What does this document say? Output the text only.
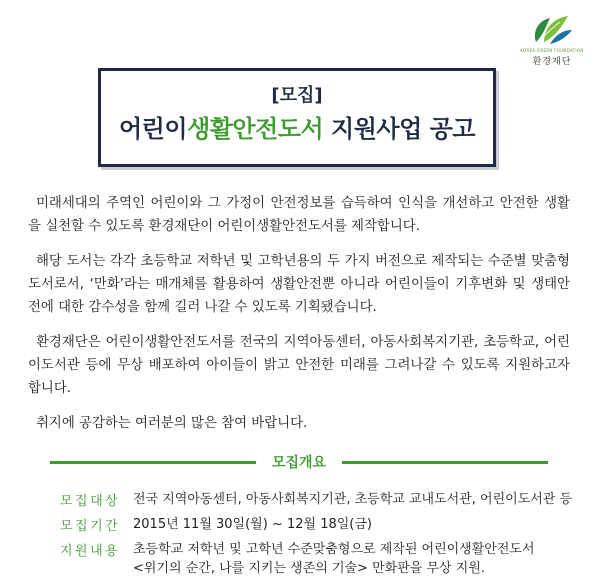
KOREA GREEN FOUNDATION
환경재단
[모집]
어린이생활안전도서 지원사업 공고

미래세대의 주역인 어린이와 그 가정이 안전정보를 습득하여 인식을 개선하고 안전한 생활을 실천할 수 있도록 환경재단이 어린이생활안전도서를 제작합니다.

해당 도서는 각각 초등학교 저학년 및 고학년용의 두 가지 버전으로 제작되는 수준별 맞춤형 도서로서, ‘만화’라는 매개체를 활용하여 생활안전뿐 아니라 어린이들이 기후변화 및 생태안전에 대한 감수성을 함께 길러 나갈 수 있도록 기획됐습니다.

환경재단은 어린이생활안전도서를 전국의 지역아동센터, 아동사회복지기관, 초등학교, 어린이도서관 등에 무상 배포하여 아이들이 밝고 안전한 미래를 그려나갈 수 있도록 지원하고자 합니다.

취지에 공감하는 여러분의 많은 참여 바랍니다.

모집개요
모집대상 전국 지역아동센터, 아동사회복지기관, 초등학교 교내도서관, 어린이도서관 등
모집기간 2015년 11월 30일(월) ~ 12월 18일(금)
지원내용 초등학교 저학년 및 고학년 수준맞춤형으로 제작된 어린이생활안전도서
<위기의 순간, 나를 지키는 생존의 기술> 만화판을 무상 지원.
